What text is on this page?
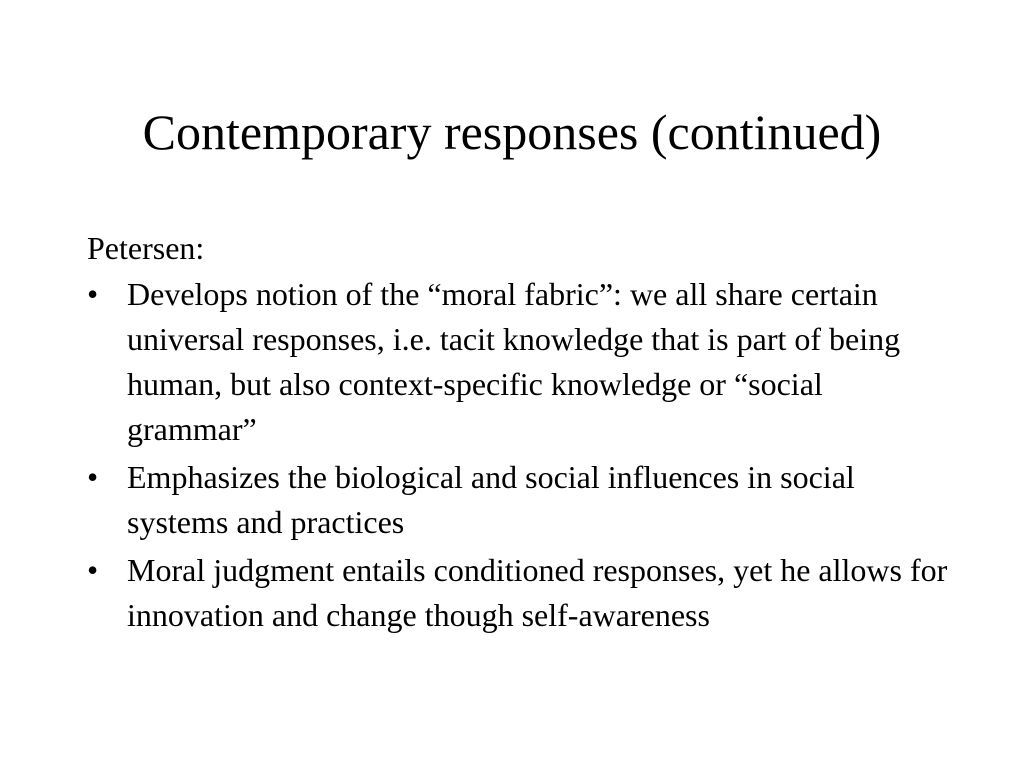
Contemporary responses (continued)

Petersen:

• Develops notion of the “moral fabric”: we all share certain universal responses, i.e. tacit knowledge that is part of being human, but also context-specific knowledge or “social grammar”
• Emphasizes the biological and social influences in social systems and practices
• Moral judgment entails conditioned responses, yet he allows for innovation and change though self-awareness
